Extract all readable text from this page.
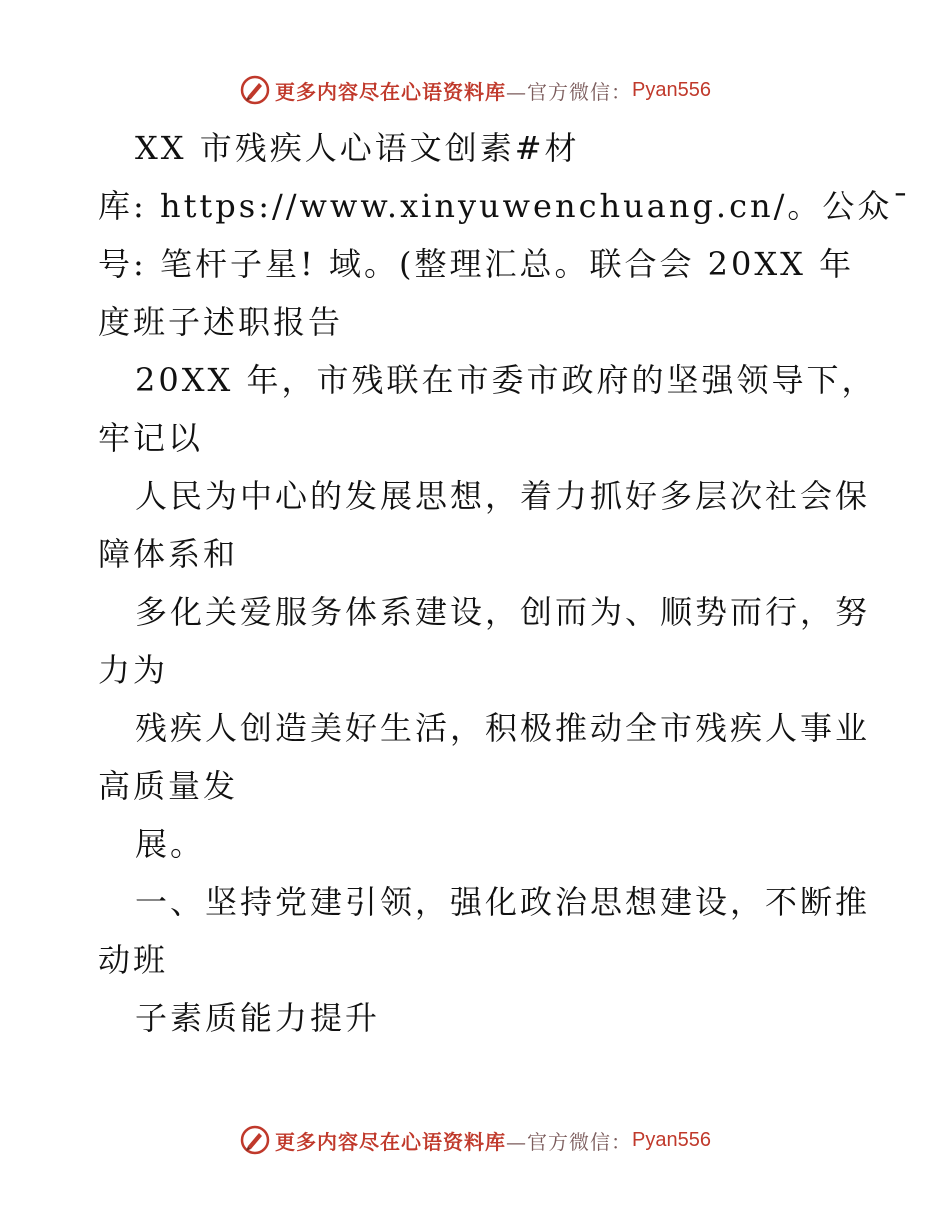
更多内容尽在心语资料库 —官方微信： Pyan556
XX 市残疾人心语文创素#材
库: https://www.xinyuwenchuang.cn/。公众¯
号: 笔杆子星! 域。(整理汇总。联合会 20XX 年
度班子述职报告
20XX 年，市残联在市委市政府的坚强领导下，
牢记以
人民为中心的发展思想，着力抓好多层次社会保
障体系和
多化关爱服务体系建设，创而为、顺势而行，努
力为
残疾人创造美好生活，积极推动全市残疾人事业
高质量发
展。
一、坚持党建引领，强化政治思想建设，不断推
动班
子素质能力提升
更多内容尽在心语资料库 —官方微信： Pyan556
